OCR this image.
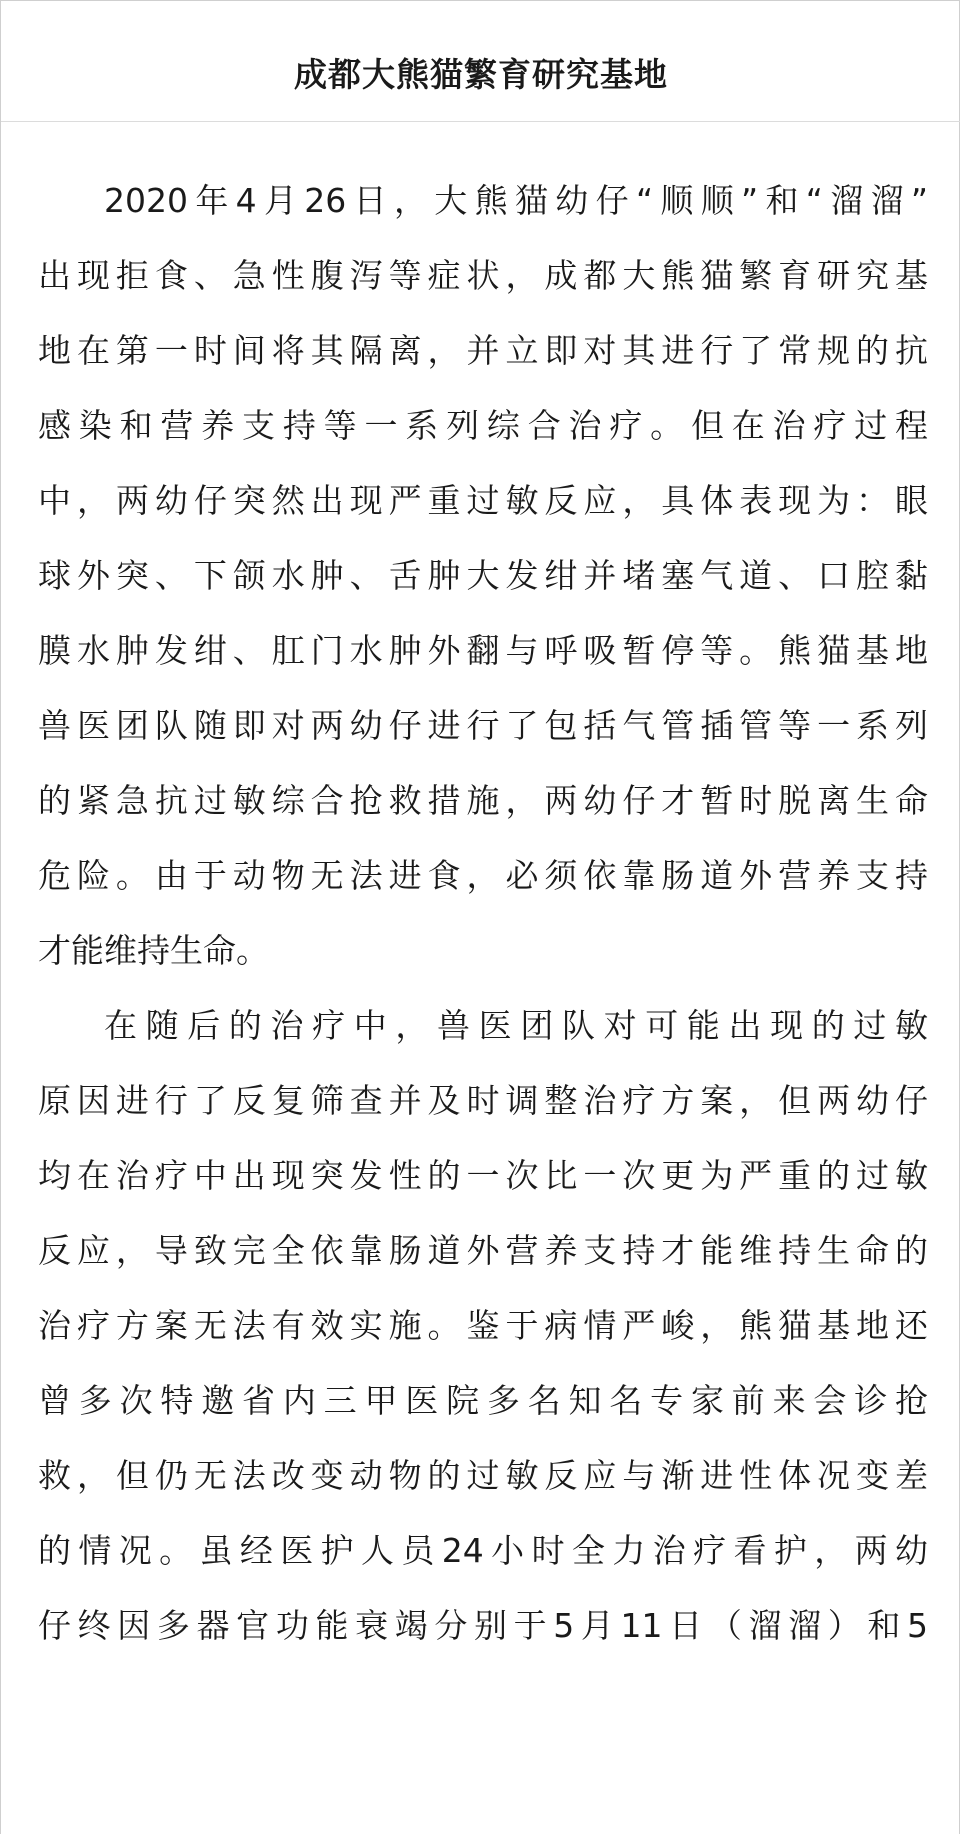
成都大熊猫繁育研究基地
2020年4月26日，大熊猫幼仔“顺顺”和“溜溜”
出现拒食、急性腹泻等症状，成都大熊猫繁育研究基
地在第一时间将其隔离，并立即对其进行了常规的抗
感染和营养支持等一系列综合治疗。但在治疗过程
中，两幼仔突然出现严重过敏反应，具体表现为：眼
球外突、下颌水肿、舌肿大发绀并堵塞气道、口腔黏
膜水肿发绀、肛门水肿外翻与呼吸暂停等。熊猫基地
兽医团队随即对两幼仔进行了包括气管插管等一系列
的紧急抗过敏综合抢救措施，两幼仔才暂时脱离生命
危险。由于动物无法进食，必须依靠肠道外营养支持
才能维持生命。
在随后的治疗中，兽医团队对可能出现的过敏
原因进行了反复筛查并及时调整治疗方案，但两幼仔
均在治疗中出现突发性的一次比一次更为严重的过敏
反应，导致完全依靠肠道外营养支持才能维持生命的
治疗方案无法有效实施。鉴于病情严峻，熊猫基地还
曾多次特邀省内三甲医院多名知名专家前来会诊抢
救，但仍无法改变动物的过敏反应与渐进性体况变差
的情况。虽经医护人员24小时全力治疗看护，两幼
仔终因多器官功能衰竭分别于5月11日（溜溜）和5
